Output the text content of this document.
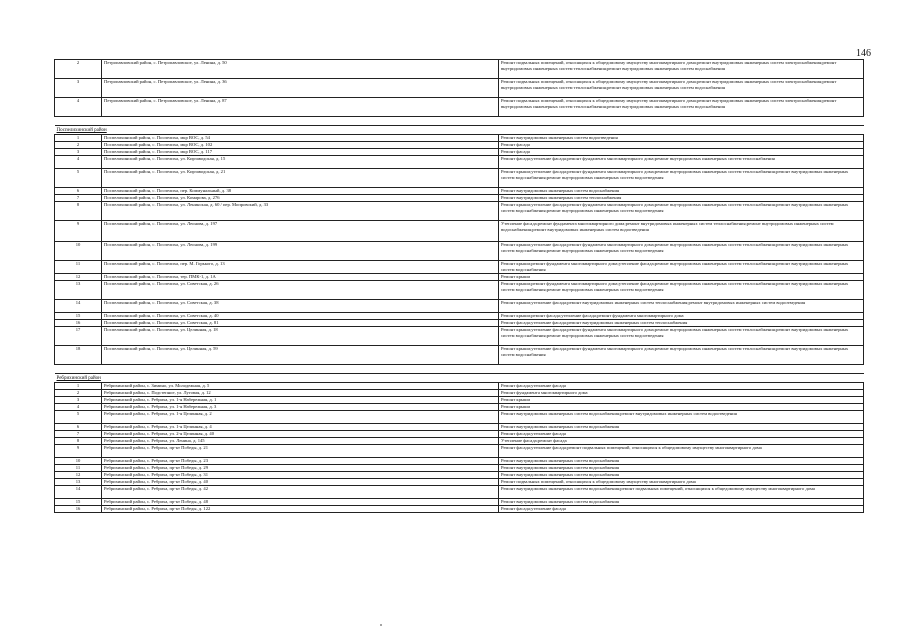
146
2	Петропавловский район, с. Петропавловское, ул. Ленина, д. 50	Ремонт подвальных помещений, относящихся к общедомовому имуществу многоквартирного дома;ремонт внутридомовых инженерных систем электроснабжения;ремонт внутридомовых инженерных систем теплоснабжения;ремонт внутридомовых инженерных систем водоснабжения
3	Петропавловский район, с. Петропавловское, ул. Ленина, д. 36	Ремонт подвальных помещений, относящихся к общедомовому имуществу многоквартирного дома;ремонт внутридомовых инженерных систем электроснабжения;ремонт внутридомовых инженерных систем теплоснабжения;ремонт внутридомовых инженерных систем водоснабжения
4	Петропавловский район, с. Петропавловское, ул. Ленина, д. 87	Ремонт подвальных помещений, относящихся к общедомовому имуществу многоквартирного дома;ремонт внутридомовых инженерных систем электроснабжения;ремонт внутридомовых инженерных систем теплоснабжения;ремонт внутридомовых инженерных систем водоснабжения

Поспелихинский район		
1	Поспелихинский район, с. Поспелиха, мкр ВОС, д. 54	Ремонт внутридомовых инженерных систем водоотведения
2	Поспелихинский район, с. Поспелиха, мкр ВОС, д. 102	Ремонт фасада
3	Поспелихинский район, с. Поспелиха, мкр ВОС, д. 117	Ремонт фасада
4	Поспелихинский район, с. Поспелиха, ул. Кирзаводская, д. 15	Ремонт фасада;утепление фасада;ремонт фундамента многоквартирного дома;ремонт внутридомовых инженерных систем теплоснабжения
5	Поспелихинский район, с. Поспелиха, ул. Кирзаводская, д. 21	Ремонт крыши;утепление фасада;ремонт фундамента многоквартирного дома;ремонт внутридомовых инженерных систем теплоснабжения;ремонт внутридомовых инженерных систем водоснабжения;ремонт внутридомовых инженерных систем водоотведения
6	Поспелихинский район, с. Поспелиха, пер. Коммунальный, д. 38	Ремонт внутридомовых инженерных систем водоснабжения
7	Поспелихинский район, с. Поспелиха, ул. Комарова, д. 276	Ремонт внутридомовых инженерных систем теплоснабжения
8	Поспелихинский район, с. Поспелиха, ул. Ленинская, д. 60 / пер. Мопровский, д. 33	Ремонт крыши;утепление фасада;ремонт фундамента многоквартирного дома;ремонт внутридомовых инженерных систем теплоснабжения;ремонт внутридомовых инженерных систем водоснабжения;ремонт внутридомовых инженерных систем водоотведения
9	Поспелихинский район, с. Поспелиха, ул. Леонова, д. 197	Утепление фасада;ремонт фундамента многоквартирного дома;ремонт внутридомовых инженерных систем теплоснабжения;ремонт внутридомовых инженерных систем водоснабжения;ремонт внутридомовых инженерных систем водоотведения
10	Поспелихинский район, с. Поспелиха, ул. Леонова, д. 199	Ремонт крыши;утепление фасада;ремонт фундамента многоквартирного дома;ремонт внутридомовых инженерных систем теплоснабжения;ремонт внутридомовых инженерных систем водоснабжения;ремонт внутридомовых инженерных систем водоотведения
11	Поспелихинский район, с. Поспелиха, пер. М. Горького, д. 13	Ремонт крыши;ремонт фундамента многоквартирного дома;утепление фасада;ремонт внутридомовых инженерных систем теплоснабжения;ремонт внутридомовых инженерных систем водоснабжения
12	Поспелихинский район, с. Поспелиха, тер. ПМК-1, д. 1А	Ремонт крыши
13	Поспелихинский район, с. Поспелиха, ул. Советская, д. 26	Ремонт крыши;ремонт фундамента многоквартирного дома;утепление фасада;ремонт внутридомовых инженерных систем теплоснабжения;ремонт внутридомовых инженерных систем водоснабжения;ремонт внутридомовых инженерных систем водоотведения
14	Поспелихинский район, с. Поспелиха, ул. Советская, д. 38	Ремонт крыши;утепление фасада;ремонт внутридомовых инженерных систем теплоснабжения;ремонт внутридомовых инженерных систем водоотведения
15	Поспелихинский район, с. Поспелиха, ул. Советская, д. 40	Ремонт крыши;ремонт фасада;утепление фасада;ремонт фундамента многоквартирного дома
16	Поспелихинский район, с. Поспелиха, ул. Советская, д. 81	Ремонт фасада;утепление фасада;ремонт внутридомовых инженерных систем теплоснабжения
17	Поспелихинский район, с. Поспелиха, ул. Целинная, д. 18	Ремонт крыши;утепление фасада;ремонт фундамента многоквартирного дома;ремонт внутридомовых инженерных систем теплоснабжения;ремонт внутридомовых инженерных систем водоснабжения;ремонт внутридомовых инженерных систем водоотведения
18	Поспелихинский район, с. Поспелиха, ул. Целинная, д. 59	Ремонт крыши;утепление фасада;ремонт фундамента многоквартирного дома;ремонт внутридомовых инженерных систем теплоснабжения;ремонт внутридомовых инженерных систем водоснабжения

Ребрихинский район		
1	Ребрихинский район, с. Зимино, ул. Молодежная, д. 5	Ремонт фасада;утепление фасада
2	Ребрихинский район, с. Подстепное, ул. Луговая, д. 12	Ремонт фундамента многоквартирного дома
3	Ребрихинский район, с. Ребриха, ул. 1-я Набережная, д. 1	Ремонт крыши
4	Ребрихинский район, с. Ребриха, ул. 1-я Набережная, д. 3	Ремонт крыши
5	Ребрихинский район, с. Ребриха, ул. 1-я Целинная, д. 2	Ремонт внутридомовых инженерных систем водоснабжения;ремонт внутридомовых инженерных систем водоотведения
6	Ребрихинский район, с. Ребриха, ул. 1-я Целинная, д. 4	Ремонт внутридомовых инженерных систем водоснабжения
7	Ребрихинский район, с. Ребриха, ул. 2-я Целинная, д. 40	Ремонт фасада;утепление фасада
8	Ребрихинский район, с. Ребриха, ул. Ленина, д. 145	Утепление фасада;ремонт фасада
9	Ребрихинский район, с. Ребриха, пр-кт Победы, д. 21	Ремонт фасада;утепление фасада;ремонт подвальных помещений, относящихся к общедомовому имуществу многоквартирного дома
10	Ребрихинский район, с. Ребриха, пр-кт Победы, д. 23	Ремонт внутридомовых инженерных систем водоснабжения
11	Ребрихинский район, с. Ребриха, пр-кт Победы, д. 29	Ремонт внутридомовых инженерных систем водоснабжения
12	Ребрихинский район, с. Ребриха, пр-кт Победы, д. 31	Ремонт внутридомовых инженерных систем водоснабжения
13	Ребрихинский район, с. Ребриха, пр-кт Победы, д. 40	Ремонт подвальных помещений, относящихся к общедомовому имуществу многоквартирного дома
14	Ребрихинский район, с. Ребриха, пр-кт Победы, д. 42	Ремонт внутридомовых инженерных систем водоснабжения;ремонт подвальных помещений, относящихся к общедомовому имуществу многоквартирного дома
15	Ребрихинский район, с. Ребриха, пр-кт Победы, д. 48	Ремонт внутридомовых инженерных систем водоснабжения
16	Ребрихинский район, с. Ребриха, пр-кт Победы, д. 122	Ремонт фасада;утепление фасада
